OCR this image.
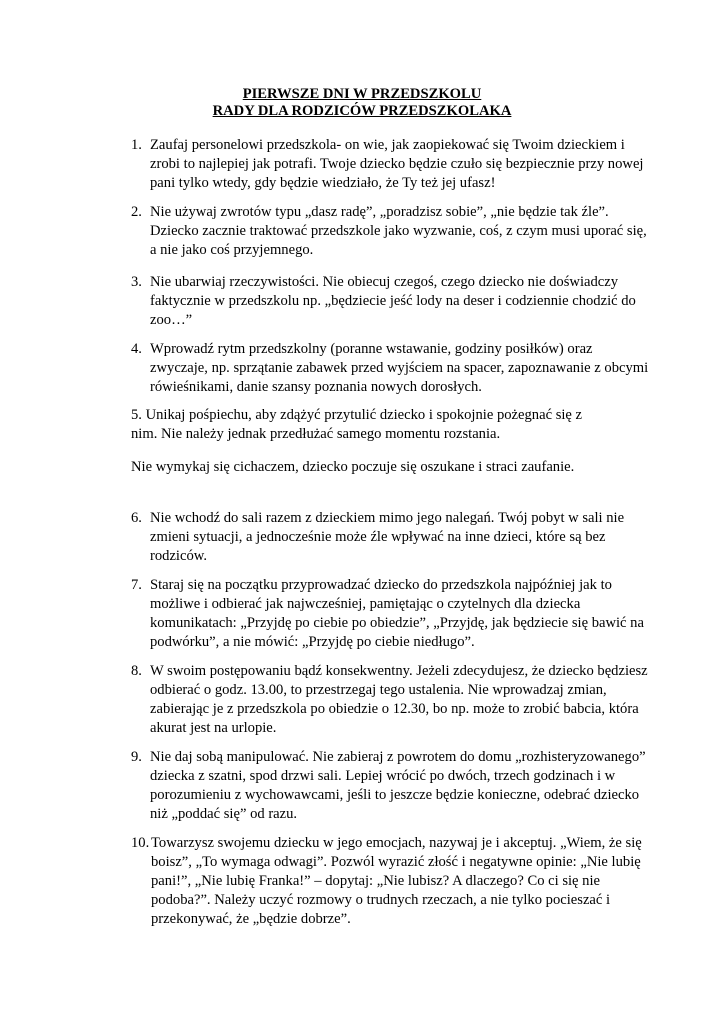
PIERWSZE DNI W PRZEDSZKOLU
RADY DLA RODZICÓW PRZEDSZKOLAKA
1. Zaufaj personelowi przedszkola- on wie, jak zaopiekować się Twoim dzieckiem i zrobi to najlepiej jak potrafi. Twoje dziecko będzie czuło się bezpiecznie przy nowej pani tylko wtedy, gdy będzie wiedziało, że Ty też jej ufasz!
2. Nie używaj zwrotów typu „dasz radę”, „poradzisz sobie”, „nie będzie tak źle”. Dziecko zacznie traktować przedszkole jako wyzwanie, coś, z czym musi uporać się, a nie jako coś przyjemnego.
3. Nie ubarwiaj rzeczywistości. Nie obiecuj czegoś, czego dziecko nie doświadczy faktycznie w przedszkolu np. „będziecie jeść lody na deser i codziennie chodzić do zoo…”
4. Wprowadź rytm przedszkolny (poranne wstawanie, godziny posiłków) oraz zwyczaje, np. sprzątanie zabawek przed wyjściem na spacer, zapoznawanie z obcymi rówieśnikami, danie szansy poznania nowych dorosłych.
5. Unikaj pośpiechu, aby zdążyć przytulić dziecko i spokojnie pożegnać się z nim. Nie należy jednak przedłużać samego momentu rozstania.
Nie wymykaj się cichaczem, dziecko poczuje się oszukane i straci zaufanie.
6. Nie wchodź do sali razem z dzieckiem mimo jego nalegań. Twój pobyt w sali nie zmieni sytuacji, a jednocześnie może źle wpływać na inne dzieci, które są bez rodziców.
7. Staraj się na początku przyprowadzać dziecko do przedszkola najpóźniej jak to możliwe i odbierać jak najwcześniej, pamiętając o czytelnych dla dziecka komunikatach: „Przyjdę po ciebie po obiedzie”, „Przyjdę, jak będziecie się bawić na podwórku”, a nie mówić: „Przyjdę po ciebie niedługo”.
8. W swoim postępowaniu bądź konsekwentny. Jeżeli zdecydujesz, że dziecko będziesz odbierać o godz. 13.00, to przestrzegaj tego ustalenia. Nie wprowadzaj zmian, zabierając je z przedszkola po obiedzie o 12.30, bo np. może to zrobić babcia, która akurat jest na urlopie.
9. Nie daj sobą manipulować. Nie zabieraj z powrotem do domu „rozhisteryzowanego” dziecka z szatni, spod drzwi sali. Lepiej wrócić po dwóch, trzech godzinach i w porozumieniu z wychowawcami, jeśli to jeszcze będzie konieczne, odebrać dziecko niż „poddać się” od razu.
10. Towarzysz swojemu dziecku w jego emocjach, nazywaj je i akceptuj. „Wiem, że się boisz”, „To wymaga odwagi”. Pozwól wyrazić złość i negatywne opinie: „Nie lubię pani!”, „Nie lubię Franka!” – dopytaj: „Nie lubisz? A dlaczego? Co ci się nie podoba?”. Należy uczyć rozmowy o trudnych rzeczach, a nie tylko pocieszać i przekonywać, że „będzie dobrze”.
